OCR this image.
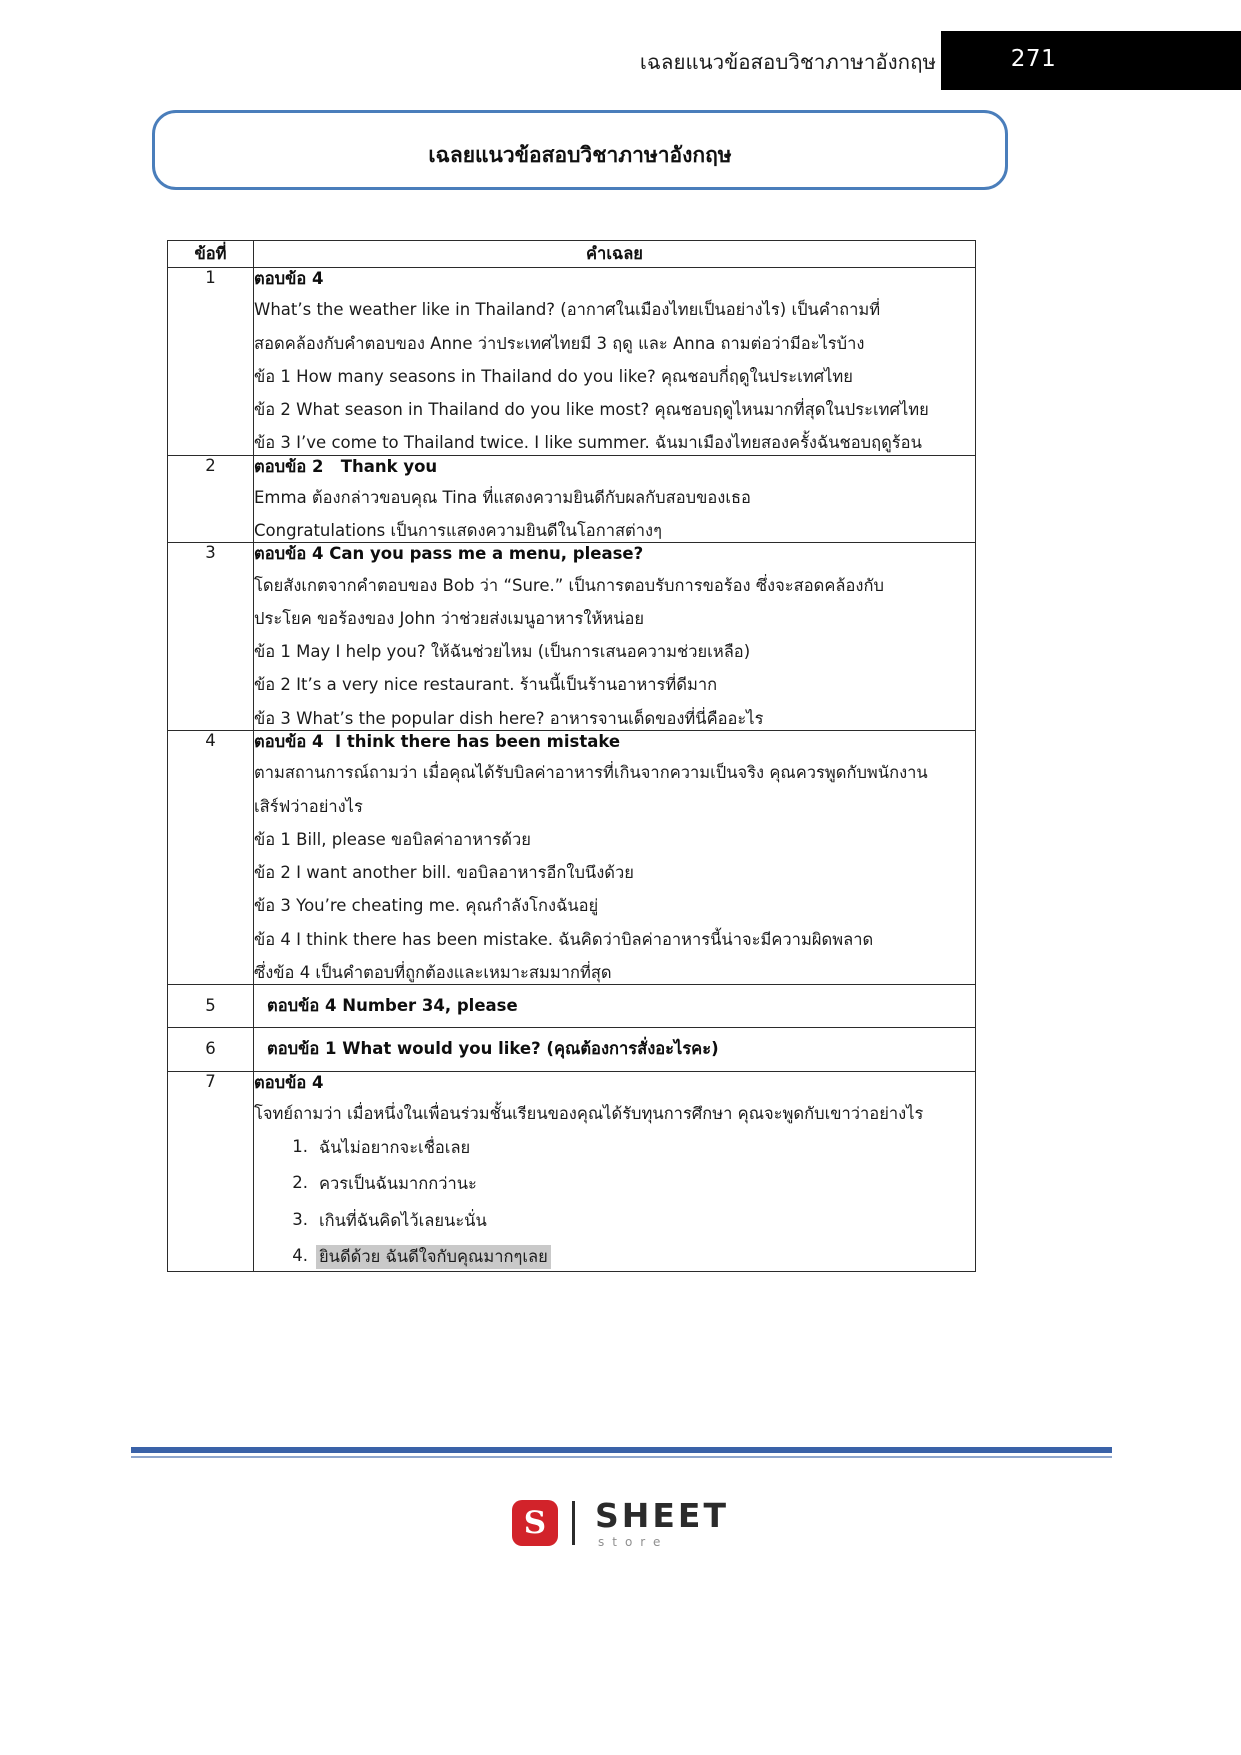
เฉลยแนวข้อสอบวิชาภาษาอังกฤษ	271
เฉลยแนวข้อสอบวิชาภาษาอังกฤษ
ข้อที่	คำเฉลย
1	ตอบข้อ 4
What’s the weather like in Thailand? (อากาศในเมืองไทยเป็นอย่างไร) เป็นคำถามที่
สอดคล้องกับคำตอบของ Anne ว่าประเทศไทยมี 3 ฤดู และ Anna ถามต่อว่ามีอะไรบ้าง
ข้อ 1 How many seasons in Thailand do you like? คุณชอบกี่ฤดูในประเทศไทย
ข้อ 2 What season in Thailand do you like most? คุณชอบฤดูไหนมากที่สุดในประเทศไทย
ข้อ 3 I’ve come to Thailand twice. I like summer. ฉันมาเมืองไทยสองครั้งฉันชอบฤดูร้อน

2	ตอบข้อ 2   Thank you
Emma ต้องกล่าวขอบคุณ Tina ที่แสดงความยินดีกับผลกับสอบของเธอ
Congratulations เป็นการแสดงความยินดีในโอกาสต่างๆ

3	ตอบข้อ 4 Can you pass me a menu, please?
โดยสังเกตจากคำตอบของ Bob ว่า “Sure.” เป็นการตอบรับการขอร้อง ซึ่งจะสอดคล้องกับ
ประโยค ขอร้องของ John ว่าช่วยส่งเมนูอาหารให้หน่อย
ข้อ 1 May I help you? ให้ฉันช่วยไหม (เป็นการเสนอความช่วยเหลือ)
ข้อ 2 It’s a very nice restaurant. ร้านนี้เป็นร้านอาหารที่ดีมาก
ข้อ 3 What’s the popular dish here? อาหารจานเด็ดของที่นี่คืออะไร

4	ตอบข้อ 4  I think there has been mistake
ตามสถานการณ์ถามว่า เมื่อคุณได้รับบิลค่าอาหารที่เกินจากความเป็นจริง คุณควรพูดกับพนักงาน
เสิร์ฟว่าอย่างไร
ข้อ 1 Bill, please ขอบิลค่าอาหารด้วย
ข้อ 2 I want another bill. ขอบิลอาหารอีกใบนึงด้วย
ข้อ 3 You’re cheating me. คุณกำลังโกงฉันอยู่
ข้อ 4 I think there has been mistake. ฉันคิดว่าบิลค่าอาหารนี้น่าจะมีความผิดพลาด
ซึ่งข้อ 4 เป็นคำตอบที่ถูกต้องและเหมาะสมมากที่สุด

5	ตอบข้อ 4 Number 34, please

6	ตอบข้อ 1 What would you like? (คุณต้องการสั่งอะไรคะ)

7	ตอบข้อ 4
โจทย์ถามว่า เมื่อหนึ่งในเพื่อนร่วมชั้นเรียนของคุณได้รับทุนการศึกษา คุณจะพูดกับเขาว่าอย่างไร
1. ฉันไม่อยากจะเชื่อเลย
2. ควรเป็นฉันมากกว่านะ
3. เกินที่ฉันคิดไว้เลยนะนั่น
4. ยินดีด้วย ฉันดีใจกับคุณมากๆเลย
S	SHEET
store
